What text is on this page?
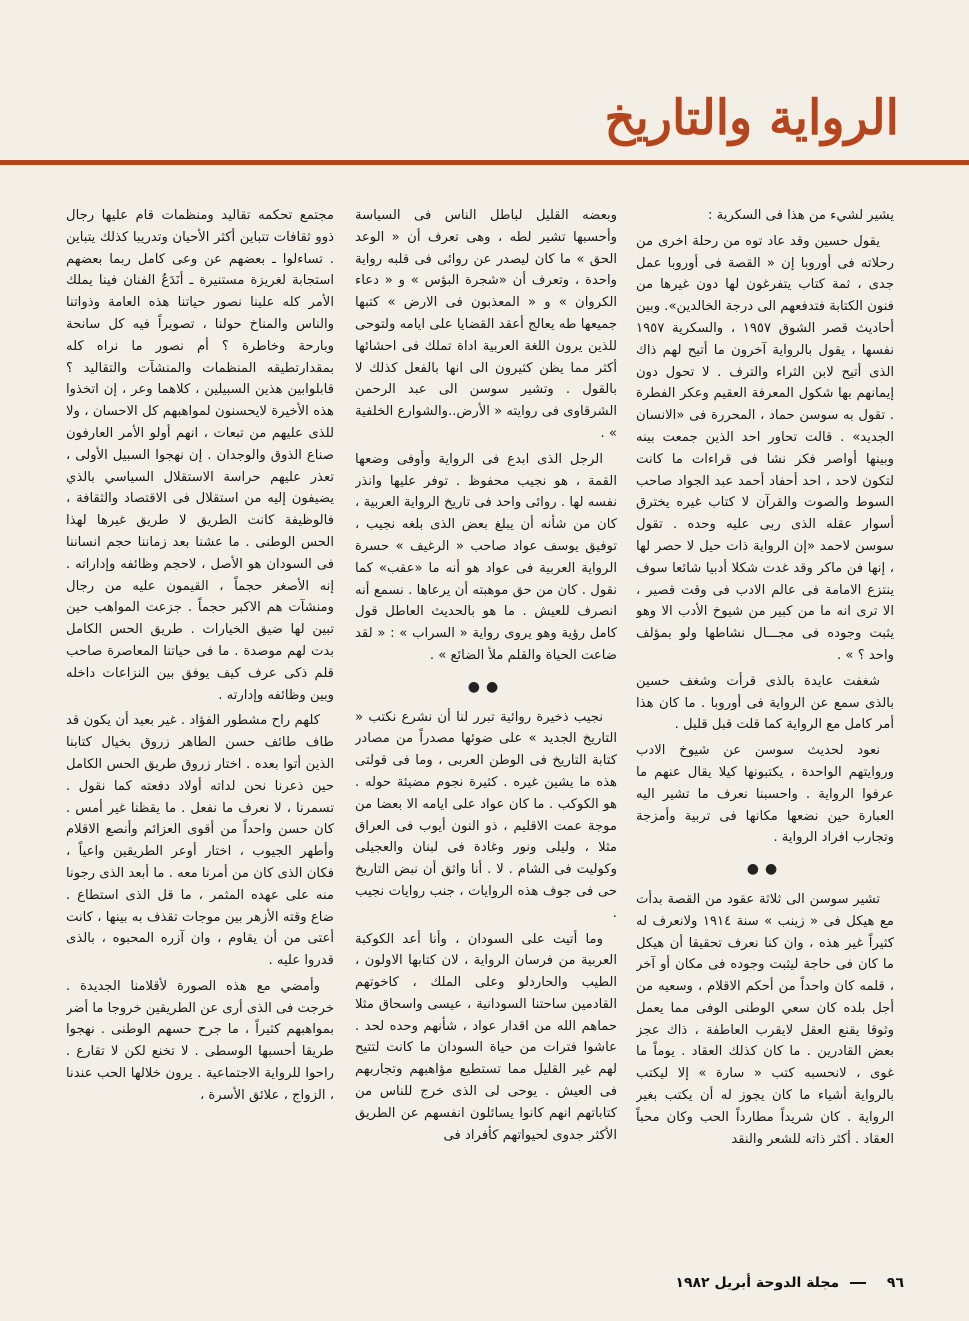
الرواية والتاريخ

يشير لشيء من هذا فى السكرية :

يقول حسين وقد عاد توه من رحلة اخرى من رحلاته فى أوروبا إن « القصة فى أوروبا عمل جدى ، ثمة كتاب يتفرغون لها دون غيرها من فنون الكتابة فتدفعهم الى درجة الخالدين». وبين أحاديث قصر الشوق ١٩٥٧ ، والسكرية ١٩٥٧ نفسها ، يقول بالرواية آخرون ما أتيح لهم ذاك الذى أتيح لابن الثراء والترف . لا تحول دون إيمانهم بها شكول المعرفة العقيم وعكر الفطرة . تقول به سوسن حماد ، المحررة فى «الانسان الجديد» . قالت تحاور احد الذين جمعت بينه وبينها أواصر فكر نشا فى قراءات ما كانت لتكون لاحد ، احد أحفاد أحمد عبد الجواد صاحب السوط والصوت والقرآن لا كتاب غيره يخترق أسوار عقله الذى ربى عليه وحده . تقول سوسن لاحمد «إن الرواية ذات حيل لا حصر لها ، إنها فن ماكر وقد غدت شكلا أدبيا شائعا سوف ينتزع الامامة فى عالم الادب فى وقت قصير ، الا ترى انه ما من كبير من شيوخ الأدب الا وهو يثبت وجوده فى مجـــال نشاطها ولو بمؤلف واحد ؟ » .

شغفت عايدة بالذى قرأت وشغف حسين بالذى سمع عن الرواية فى أوروبا . ما كان هذا أمر كامل مع الرواية كما قلت قبل قليل .

نعود لحديث سوسن عن شيوخ الادب وروايتهم الواحدة ، يكتبونها كيلا يقال عنهم ما عرفوا الرواية . واحسبنا نعرف ما تشير اليه العبارة حين نضعها مكانها فى تربية وأمزجة وتجارب افراد الرواية .

●●

تشير سوسن الى ثلاثة عقود من القصة بدأت مع هيكل فى « زينب » سنة ١٩١٤ ولانعرف له كثيراً غير هذه ، وان كنا نعرف تحقيقا أن هيكل ما كان فى حاجة ليثبت وجوده فى مكان أو آخر ، قلمه كان واحداً من أحكم الاقلام ، وسعيه من أجل بلده كان سعي الوطنى الوفى مما يعمل وثوقا يقنع العقل لايقرب العاطفة ، ذاك عجز بعض القادرين . ما كان كذلك العقاد . يوماً ما غوى ، لانحسبه كتب « سارة » إلا ليكتب بالرواية أشياء ما كان يجوز له أن يكتب بغير الرواية . كان شريداً مطارداً الحب وكان محباً العقاد . أكثر ذاته للشعر والنقد

وبعضه القليل لباطل الناس فى السياسة وأحسبها تشير لطه ، وهى تعرف أن « الوعد الحق » ما كان ليصدر عن روائى فى قلبه رواية واحدة ، وتعرف أن «شجرة البؤس » و « دعاء الكروان » و « المعذبون فى الارض » كتبها جميعها طه يعالج أعقد القضايا على ايامه ولتوحى للذين يرون اللغة العربية اداة تملك فى احشائها أكثر مما يظن كثيرون الى انها بالفعل كذلك لا بالقول . وتشير سوسن الى عبد الرحمن الشرقاوى فى روايته « الأرض..والشوارع الخلفية » .

الرجل الذى ابدع فى الرواية وأوفى وضعها القمة ، هو نجيب محفوظ . توفر عليها وانذر نفسه لها . روائى واحد فى تاريخ الرواية العربية ، كان من شأنه أن يبلغ بعض الذى بلغه نجيب ، توفيق يوسف عواد صاحب « الرغيف » حسرة الرواية العربية فى عواد هو أنه ما «عقب» كما نقول . كان من حق موهبته أن يرعاها . نسمع أنه انصرف للعيش . ما هو بالحديث العاطل قول كامل رؤية وهو يروى رواية « السراب » : « لقد ضاعت الحياة والقلم ملأ الضائع » .

●●

نجيب ذخيرة روائية تبرر لنا أن نشرع نكتب « التاريخ الجديد » على ضوئها مصدراً من مصادر كتابة التاريخ فى الوطن العربى ، وما فى قولتى هذه ما يشين غيره . كثيرة نجوم مضيئة حوله . هو الكوكب . ما كان عواد على ايامه الا بعضا من موجة عمت الاقليم ، ذو النون أيوب فى العراق مثلا ، وليلى ونور وغادة فى لبنان والعجيلى وكوليت فى الشام . لا . أنا واثق أن نبض التاريخ حى فى جوف هذه الروايات ، جنب روايات نجيب .

وما أتيت على السودان ، وأنا أعد الكوكبة العربية من فرسان الرواية ، لان كتابها الاولون ، الطيب والحاردلو وعلى الملك ، كاخوتهم القادمين ساحتنا السودانية ، عيسى واسحاق مثلا حماهم الله من اقدار عواد ، شأنهم وحده لحد . عاشوا فترات من حياة السودان ما كانت لتتيح لهم غير القليل مما تستطيع مؤاهبهم وتجاربهم فى العيش . يوحى لى الذى خرج للناس من كتاباتهم انهم كانوا يسائلون انفسهم عن الطريق الأكثر جدوى لحيواتهم كأفراد فى

مجتمع تحكمه تقاليد ومنظمات قام عليها رجال ذوو ثقافات تتباين أكثر الأحيان وتدريبا كذلك يتباين . تساءلوا ـ بعضهم عن وعى كامل ربما بعضهم استجابة لغريزة مستنيرة ـ أنَدَعُ الفنان فينا يملك الأمر كله علينا نصور حياتنا هذه العامة وذواتنا والناس والمناخ حولنا ، تصويراً فيه كل سانحة وبارحة وخاطرة ؟ أم نصور ما نراه كله بمقدارتطيقه المنظمات والمنشآت والتقاليد ؟ قابلوابين هذين السبيلين ، كلاهما وعر ، إن اتخذوا هذه الأخيرة لايحسنون لمواهبهم كل الاحسان ، ولا للذى عليهم من تبعات ، انهم أولو الأمر العارفون صناع الذوق والوجدان . إن نهجوا السبيل الأولى ، تعذر عليهم حراسة الاستقلال السياسي بالذي يضيفون إليه من استقلال فى الاقتصاد والثقافة ، فالوظيفة كانت الطريق لا طريق غيرها لهذا الحس الوطنى . ما عشنا بعد زماننا حجم انساننا فى السودان هو الأصل ، لاحجم وظائفه وإداراته . إنه الأصغر حجماً ، القيمون عليه من رجال ومنشآت هم الاكبر حجماً . جزعت المواهب حين تبين لها ضيق الخيارات . طريق الحس الكامل بدت لهم موصدة . ما فى حياتنا المعاصرة صاحب قلم ذكى عرف كيف يوفق بين النزاعات داخله وبين وظائفه وإدارته .

كلهم راح مشطور الفؤاد . غير بعيد أن يكون قد طاف طائف حسن الطاهر زروق بخيال كتابنا الذين أتوا بعده . اختار زروق طريق الحس الكامل حين ذعرنا نحن لداته أولاد دفعته كما نقول . تسمرنا ، لا نعرف ما نفعل . ما يقظنا غير أمس . كان حسن واحداً من أقوى العزائم وأنصع الاقلام وأطهر الجيوب ، اختار أوعر الطريقين واعياً ، فكان الذى كان من أمرنا معه . ما أبعد الذى رجونا منه على عهده المثمر ، ما قل الذى استطاع . ضاع وقته الأزهر بين موجات تقذف به بينها ، كانت أعتى من أن يقاوم ، وان آزره المحبوه ، بالذى قدروا عليه .

وأمضي مع هذه الصورة لأقلامنا الجديدة . خرجت فى الذى أرى عن الطريقين خروجا ما أضر بمواهبهم كثيراً ، ما جرح حسهم الوطنى . نهجوا طريقا أحسبها الوسطى . لا تخنع لكن لا تقارع . راحوا للرواية الاجتماعية . يرون خلالها الحب عندنا ، الزواج ، علائق الأسرة ،

٩٦  مجلة الدوحة أبريل ١٩٨٢
